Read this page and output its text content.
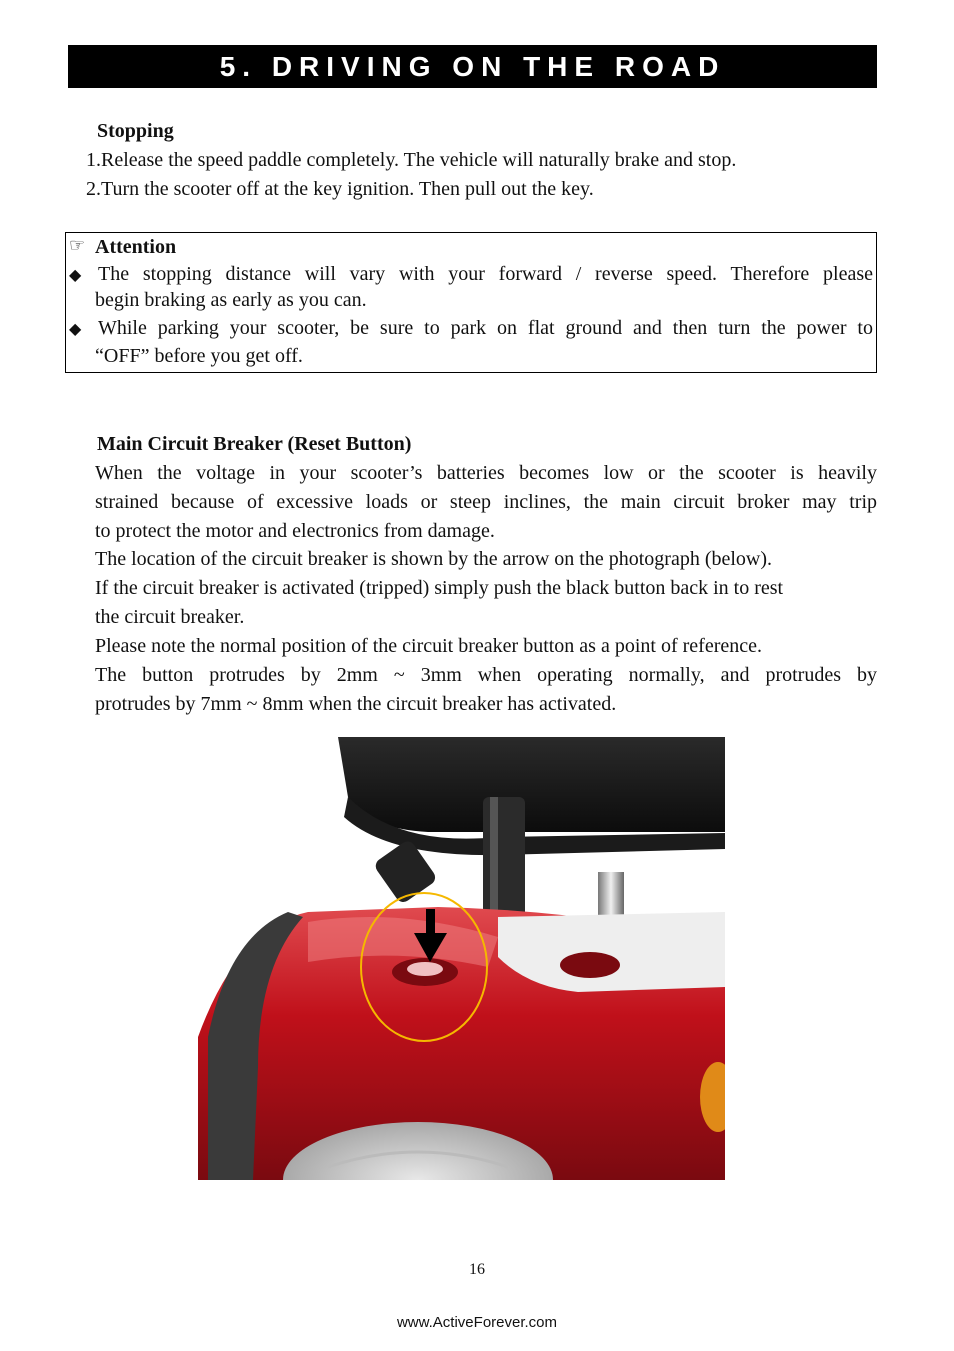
5. DRIVING ON THE ROAD
Stopping
1.Release the speed paddle completely. The vehicle will naturally brake and stop.
2.Turn the scooter off at the key ignition. Then pull out the key.
☞ Attention
◆ The stopping distance will vary with your forward / reverse speed. Therefore please
begin braking as early as you can.
◆ While parking your scooter, be sure to park on flat ground and then turn the power to
“OFF” before you get off.
Main Circuit Breaker (Reset Button)
When the voltage in your scooter’s batteries becomes low or the scooter is heavily
strained because of excessive loads or steep inclines, the main circuit broker may trip
to protect the motor and electronics from damage.
The location of the circuit breaker is shown by the arrow on the photograph (below).
If the circuit breaker is activated (tripped) simply push the black button back in to rest
the circuit breaker.
Please note the normal position of the circuit breaker button as a point of reference.
The button protrudes by 2mm ~ 3mm when operating normally, and protrudes by
protrudes by 7mm ~ 8mm when the circuit breaker has activated.
16
www.ActiveForever.com
